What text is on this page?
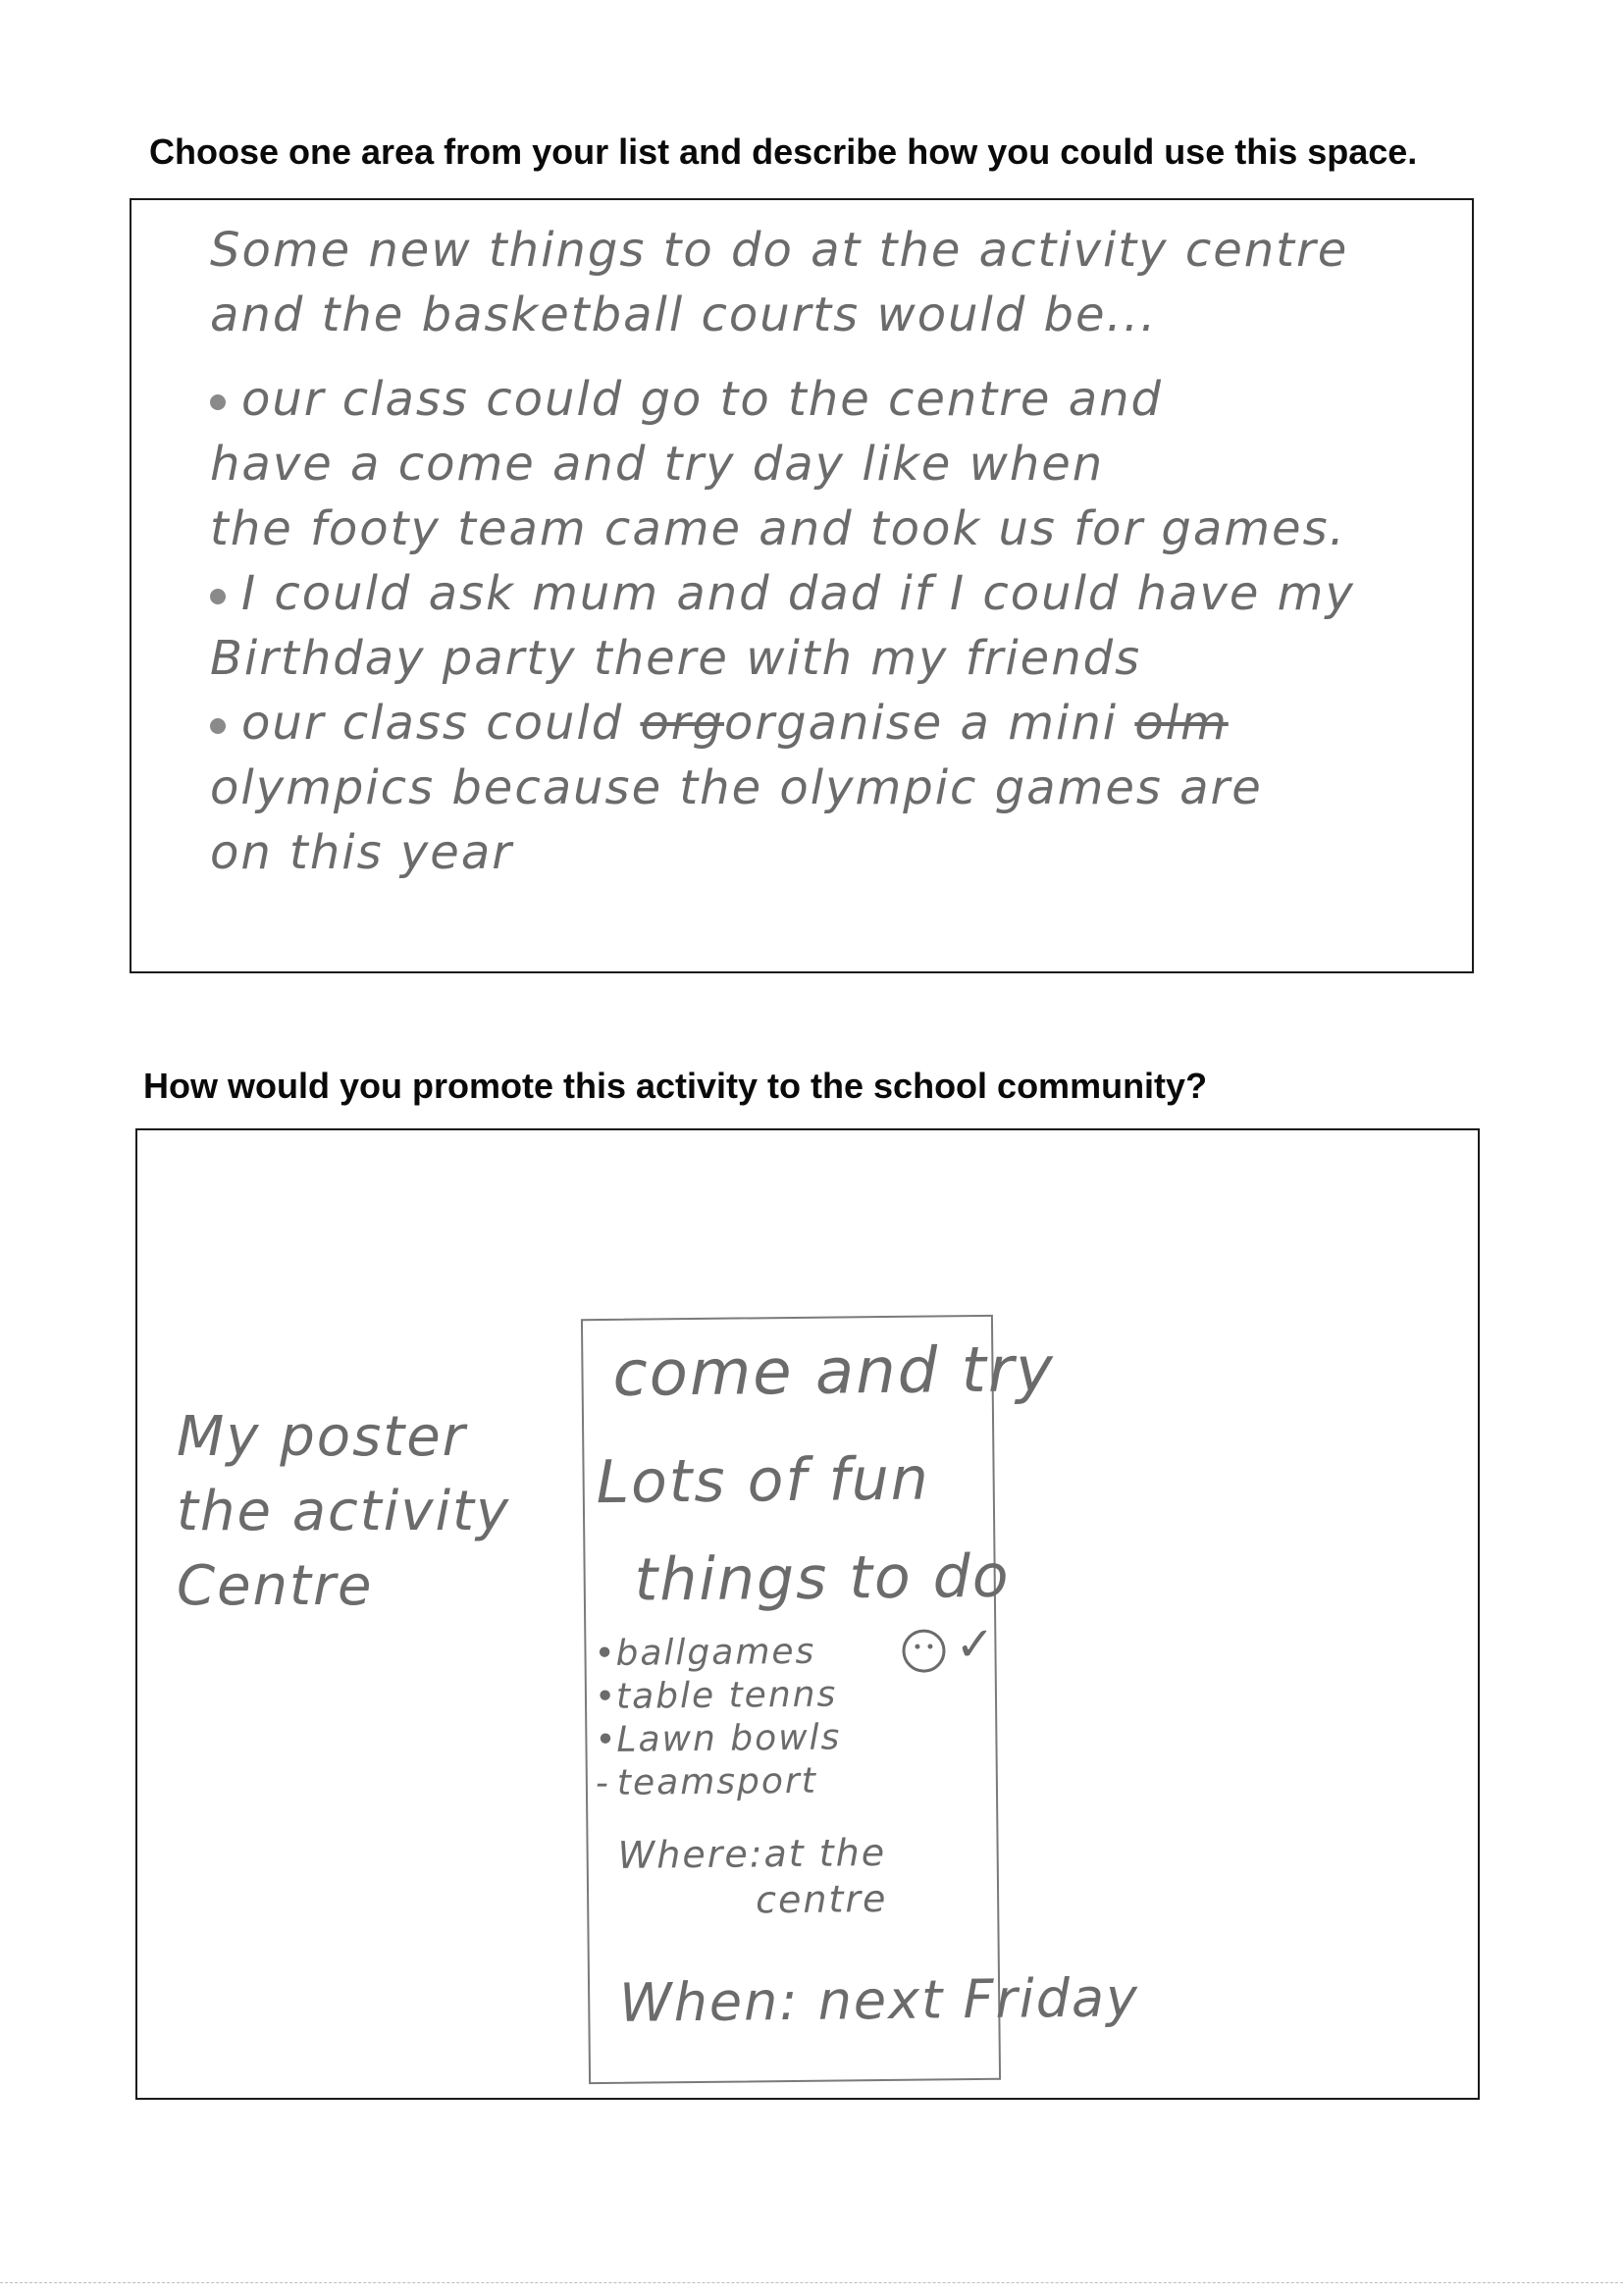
Choose one area from your list and describe how you could use this space.
Some new things to do at the activity centre
and the basketball courts would be...
our class could go to the centre and
have a come and try day like when
the footy team came and took us for games.
I could ask mum and dad if I could have my
Birthday party there with my friends
our class could orgorganise a mini olm
olympics because the olympic games are
on this year
How would you promote this activity to the school community?
My poster
the activity
Centre
come and try
Lots of fun
things to do
• ballgames
• table tenns
• Lawn bowls
- teamsport
✓
Where:at the
centre
When: next Friday
